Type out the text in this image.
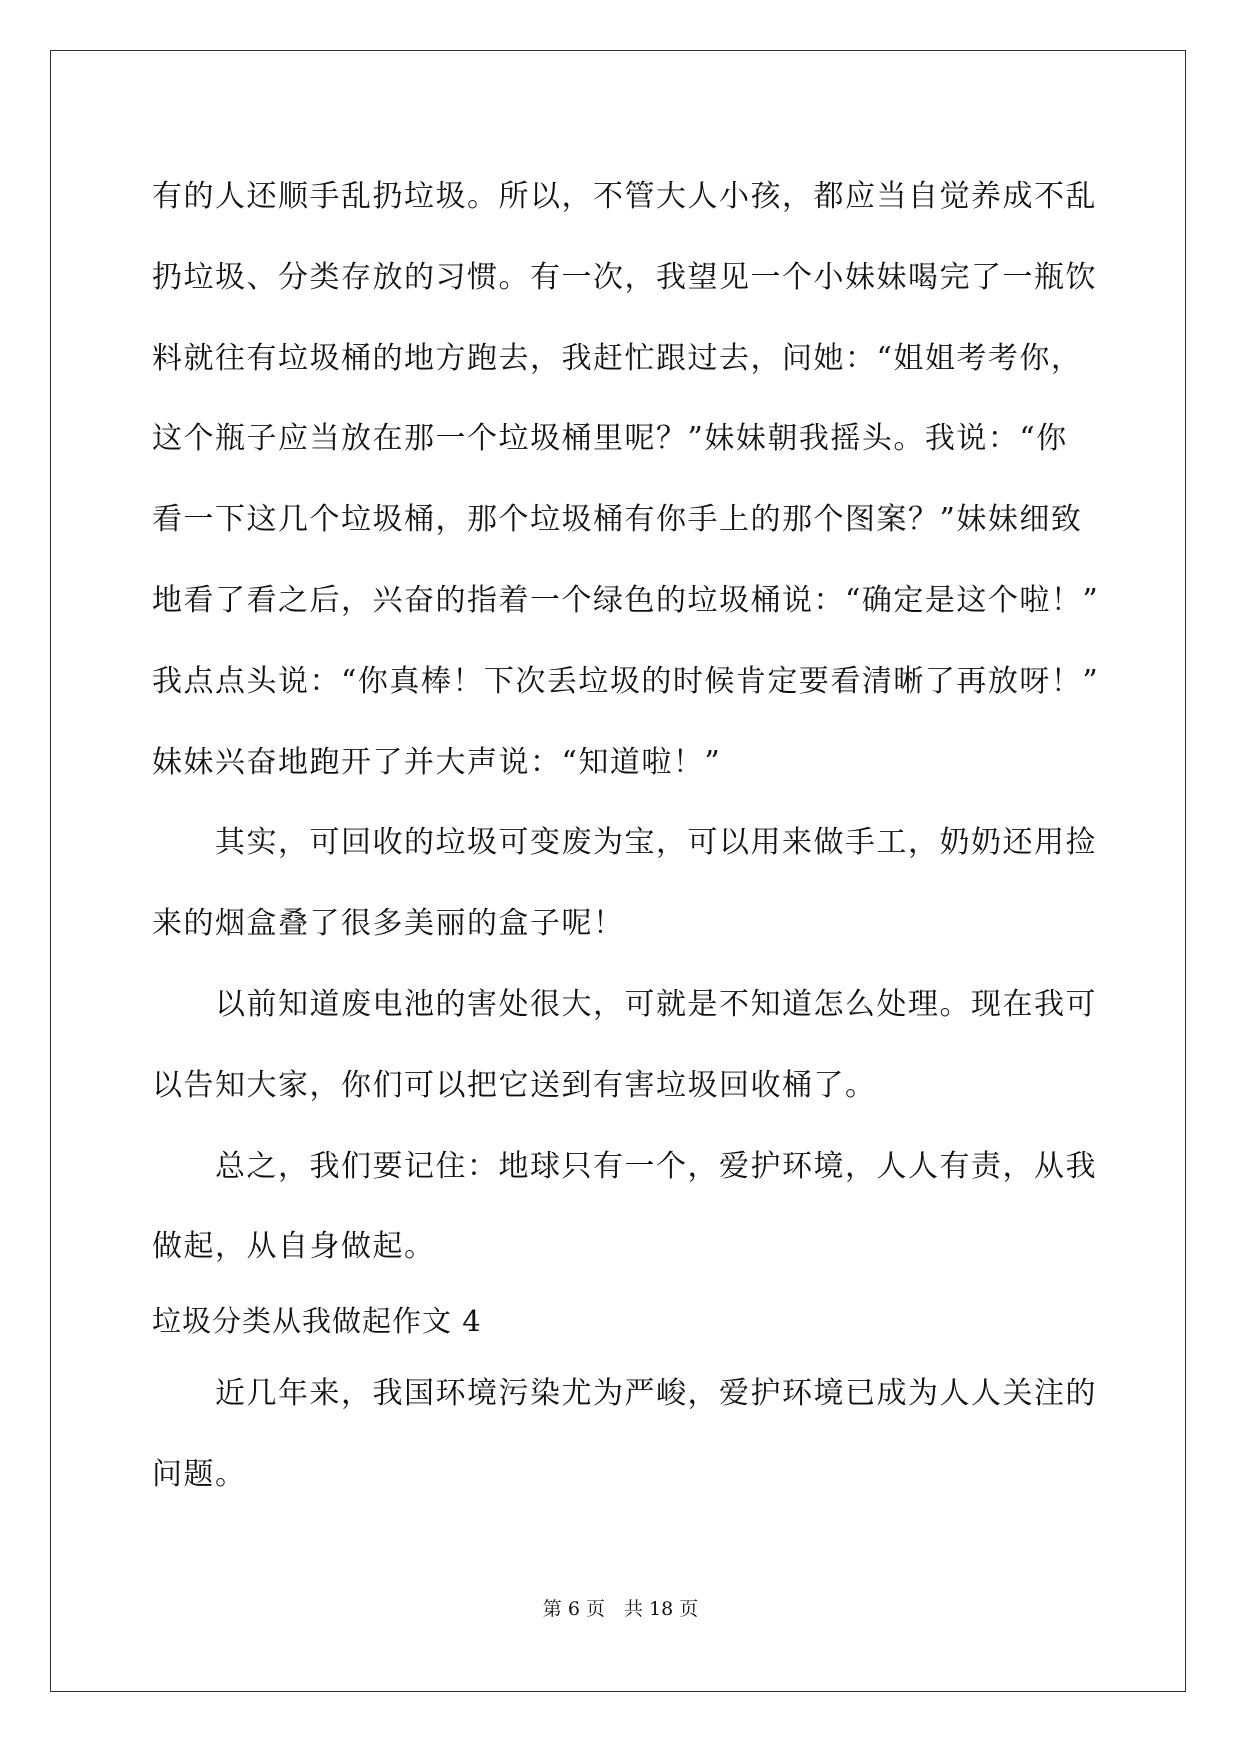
有的人还顺手乱扔垃圾。所以，不管大人小孩，都应当自觉养成不乱
扔垃圾、分类存放的习惯。有一次，我望见一个小妹妹喝完了一瓶饮
料就往有垃圾桶的地方跑去，我赶忙跟过去，问她：“姐姐考考你，
这个瓶子应当放在那一个垃圾桶里呢？”妹妹朝我摇头。我说：“你
看一下这几个垃圾桶，那个垃圾桶有你手上的那个图案？”妹妹细致
地看了看之后，兴奋的指着一个绿色的垃圾桶说：“确定是这个啦！”
我点点头说：“你真棒！下次丢垃圾的时候肯定要看清晰了再放呀！”
妹妹兴奋地跑开了并大声说：“知道啦！”
　　其实，可回收的垃圾可变废为宝，可以用来做手工，奶奶还用捡
来的烟盒叠了很多美丽的盒子呢！
　　以前知道废电池的害处很大，可就是不知道怎么处理。现在我可
以告知大家，你们可以把它送到有害垃圾回收桶了。
　　总之，我们要记住：地球只有一个，爱护环境，人人有责，从我
做起，从自身做起。
垃圾分类从我做起作文 4
　　近几年来，我国环境污染尤为严峻，爱护环境已成为人人关注的
问题。
第 6 页　共 18 页
